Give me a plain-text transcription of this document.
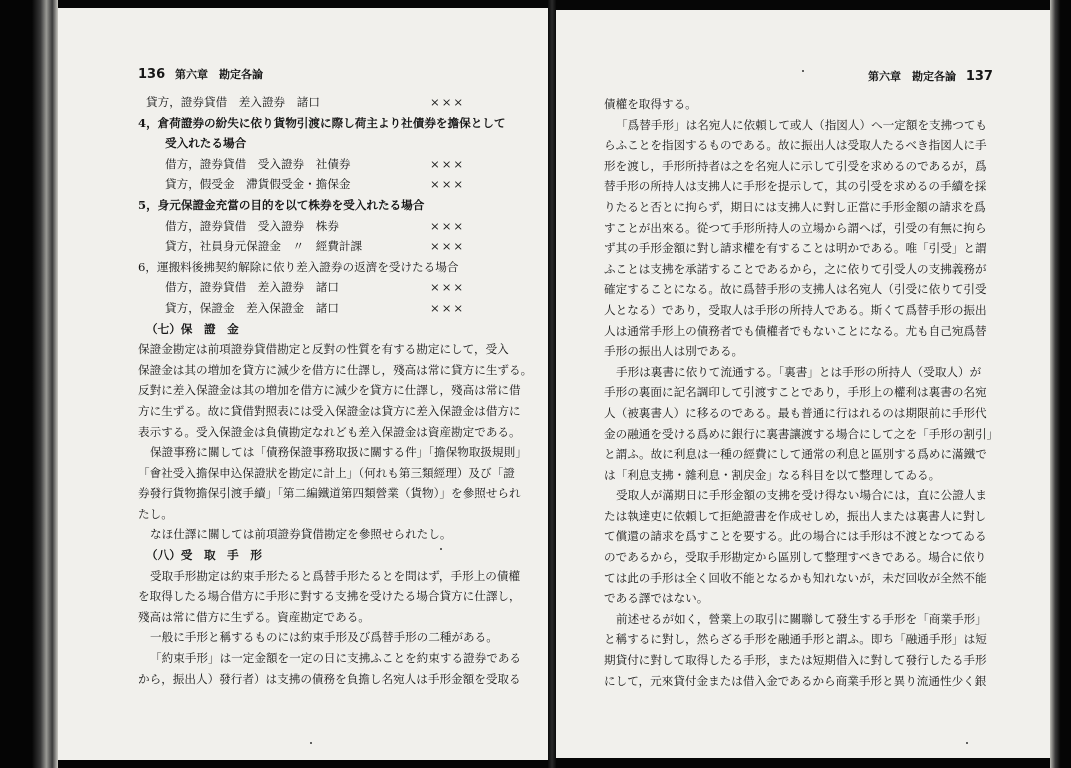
136 第六章　勘定各論
貸方，證券貸借　差入證券　諸口	×××
4，倉荷證券の紛失に依り貨物引渡に際し荷主より社債券を擔保として
受入れたる場合
借方，證券貸借　受入證券　社債券	×××
貸方，假受金　滯貨假受金・擔保金	×××
5，身元保證金充當の目的を以て株券を受入れたる場合
借方，證券貸借　受入證券　株券	×××
貸方，社員身元保證金　〃　經費計課	×××
6，運搬料後拂契約解除に依り差入證券の返濟を受けたる場合
借方，證券貸借　差入證券　諸口	×××
貸方，保證金　差入保證金　諸口	×××
（七）保　證　金
保證金勘定は前項證券貸借勘定と反對の性質を有する勘定にして，受入
保證金は其の増加を貸方に減少を借方に仕譯し，殘高は常に貸方に生ずる。
反對に差入保證金は其の増加を借方に減少を貸方に仕譯し，殘高は常に借
方に生ずる。故に貸借對照表には受入保證金は貸方に差入保證金は借方に
表示する。受入保證金は負債勘定なれども差入保證金は資産勘定である。
保證事務に關しては「債務保證事務取扱に關する件」「擔保物取扱規則」
「會社受入擔保申込保證狀を勘定に計上」（何れも第三類經理）及び「證
券發行貨物擔保引渡手續」「第二編鐵道第四類營業（貨物）」を參照せられ
たし。
なほ仕譯に關しては前項證券貸借勘定を參照せられたし。
（八）受　取　手　形
受取手形勘定は約束手形たると爲替手形たるとを問はず，手形上の債權
を取得したる場合借方に手形に對する支拂を受けたる場合貸方に仕譯し，
殘高は常に借方に生ずる。資産勘定である。
一般に手形と稱するものには約束手形及び爲替手形の二種がある。
「約束手形」は一定金額を一定の日に支拂ふことを約束する證券である
から，振出人）發行者）は支拂の債務を負擔し名宛人は手形金額を受取る
第六章　勘定各論 137
債權を取得する。
「爲替手形」は名宛人に依頼して或人（指図人）へ一定額を支拂つても
らふことを指図するものである。故に振出人は受取人たるべき指図人に手
形を渡し，手形所持者は之を名宛人に示して引受を求めるのであるが，爲
替手形の所持人は支拂人に手形を提示して，其の引受を求めるの手續を採
りたると否とに拘らず，期日には支拂人に對し正當に手形金額の請求を爲
すことが出來る。從つて手形所持人の立場から謂へば，引受の有無に拘ら
ず其の手形金額に對し請求權を有することは明かである。唯「引受」と謂
ふことは支拂を承諾することであるから，之に依りて引受人の支拂義務が
確定することになる。故に爲替手形の支拂人は名宛人（引受に依りて引受
人となる）であり，受取人は手形の所持人である。斯くて爲替手形の振出
人は通常手形上の債務者でも債權者でもないことになる。尤も自己宛爲替
手形の振出人は別である。
手形は裏書に依りて流通する。「裏書」とは手形の所持人（受取人）が
手形の裏面に記名調印して引渡すことであり，手形上の權利は裏書の名宛
人（被裏書人）に移るのである。最も普通に行はれるのは期限前に手形代
金の融通を受ける爲めに銀行に裏書讓渡する場合にして之を「手形の割引」
と謂ふ。故に利息は一種の經費にして通常の利息と區別する爲めに滿鐵で
は「利息支拂・雜利息・割戻金」なる科目を以て整理してゐる。
受取人が滿期日に手形金額の支拂を受け得ない場合には，直に公證人ま
たは執達吏に依頼して拒絶證書を作成せしめ，振出人または裏書人に對し
て償還の請求を爲すことを要する。此の場合には手形は不渡となつてゐる
のであるから，受取手形勘定から區別して整理すべきである。場合に依り
ては此の手形は全く回收不能となるかも知れないが，未だ回收が全然不能
である譯ではない。
前述せるが如く，營業上の取引に關聯して發生する手形を「商業手形」
と稱するに對し，然らざる手形を融通手形と謂ふ。即ち「融通手形」は短
期貸付に對して取得したる手形，または短期借入に對して發行したる手形
にして，元來貸付金または借入金であるから商業手形と異り流通性少く銀
